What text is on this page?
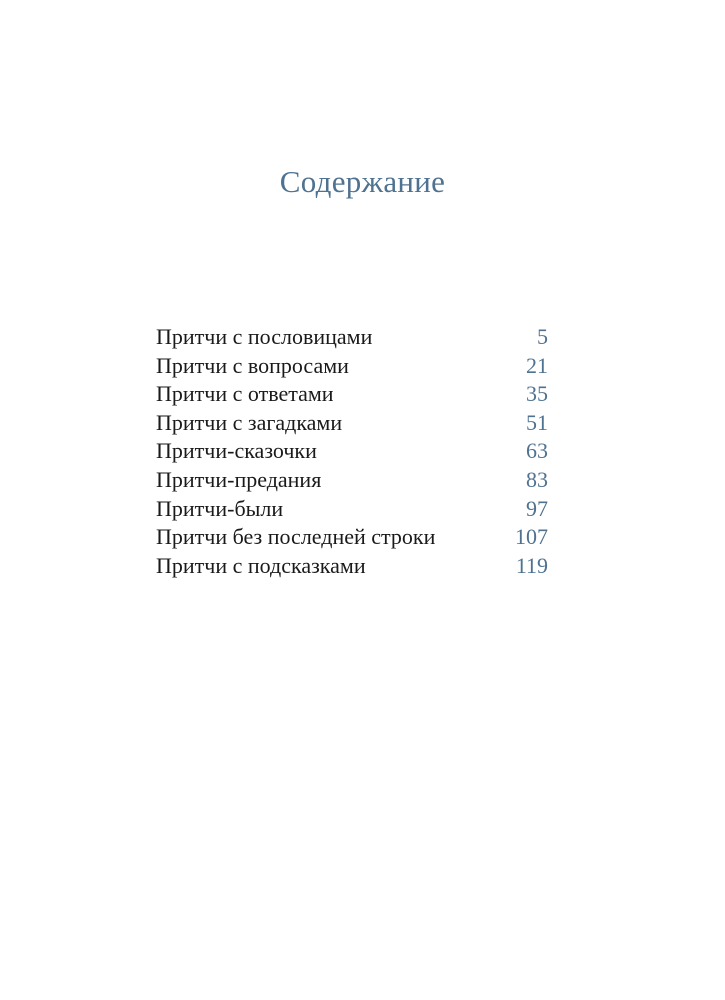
Содержание
Притчи с пословицами	5
Притчи с вопросами	21
Притчи с ответами	35
Притчи с загадками	51
Притчи-сказочки	63
Притчи-предания	83
Притчи-были	97
Притчи без последней строки	107
Притчи с подсказками	119
